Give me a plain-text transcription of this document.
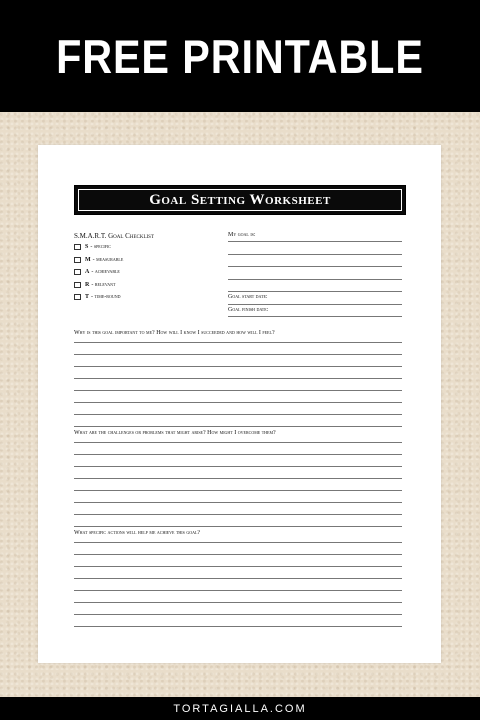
FREE PRINTABLE
Goal Setting Worksheet
S.M.A.R.T. Goal Checklist
S - specific
M - measurable
A - achievable
R - relevant
T - time-bound
My goal is:
Goal start date:
Goal finish date:
Why is this goal important to me? How will I know I succeeded and how will I feel?
What are the challenges or problems that might arise? How might I overcome them?
What specific actions will help me achieve this goal?
TORTAGIALLA.COM
